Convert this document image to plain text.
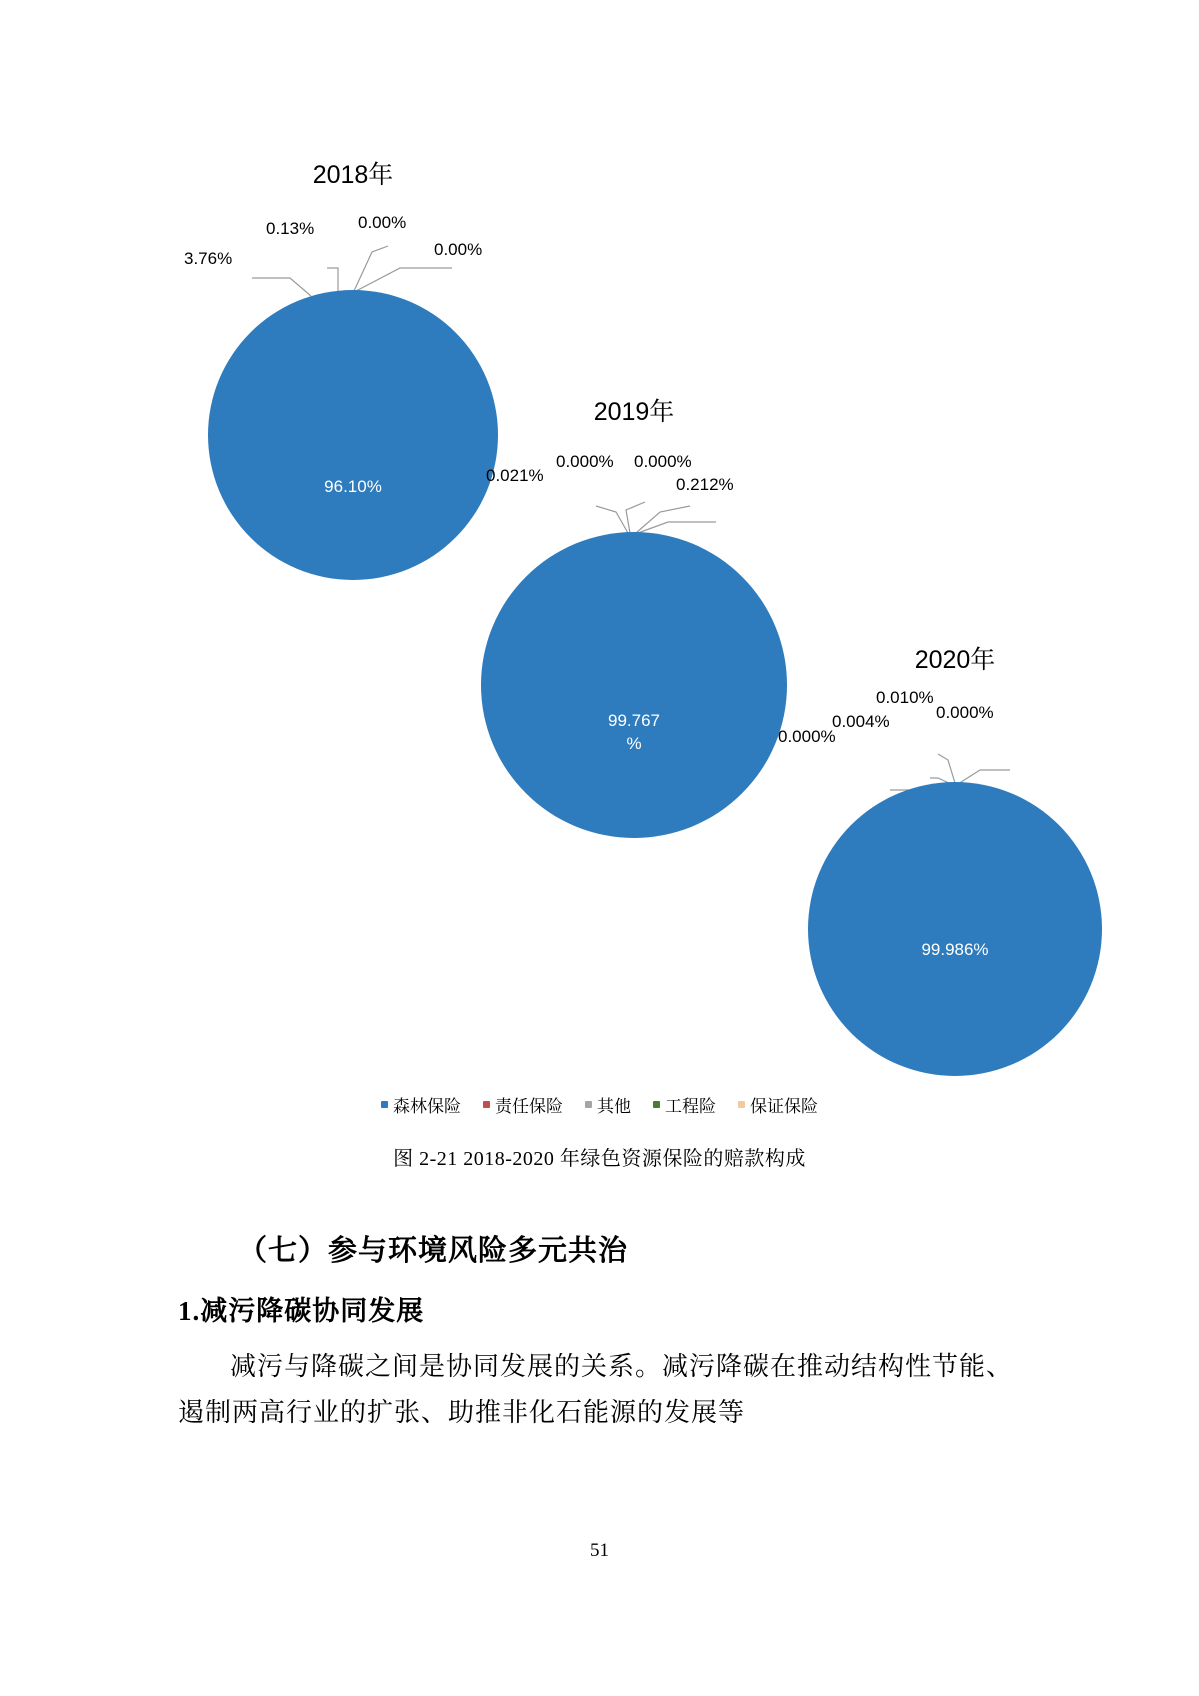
2018年
96.10%
3.76%
0.13%	0.00%
0.00%
2019年
99.767
%
0.021%
0.000% 0.000%
0.212%
2020年
99.986%
0.000%
0.004%
0.010%
0.000%
森林保险 责任保险 其他 工程险 保证保险
图 2-21 2018-2020 年绿色资源保险的赔款构成
（七）参与环境风险多元共治
1.减污降碳协同发展

减污与降碳之间是协同发展的关系。减污降碳在推动结构性节能、遏制两高行业的扩张、助推非化石能源的发展等

51
